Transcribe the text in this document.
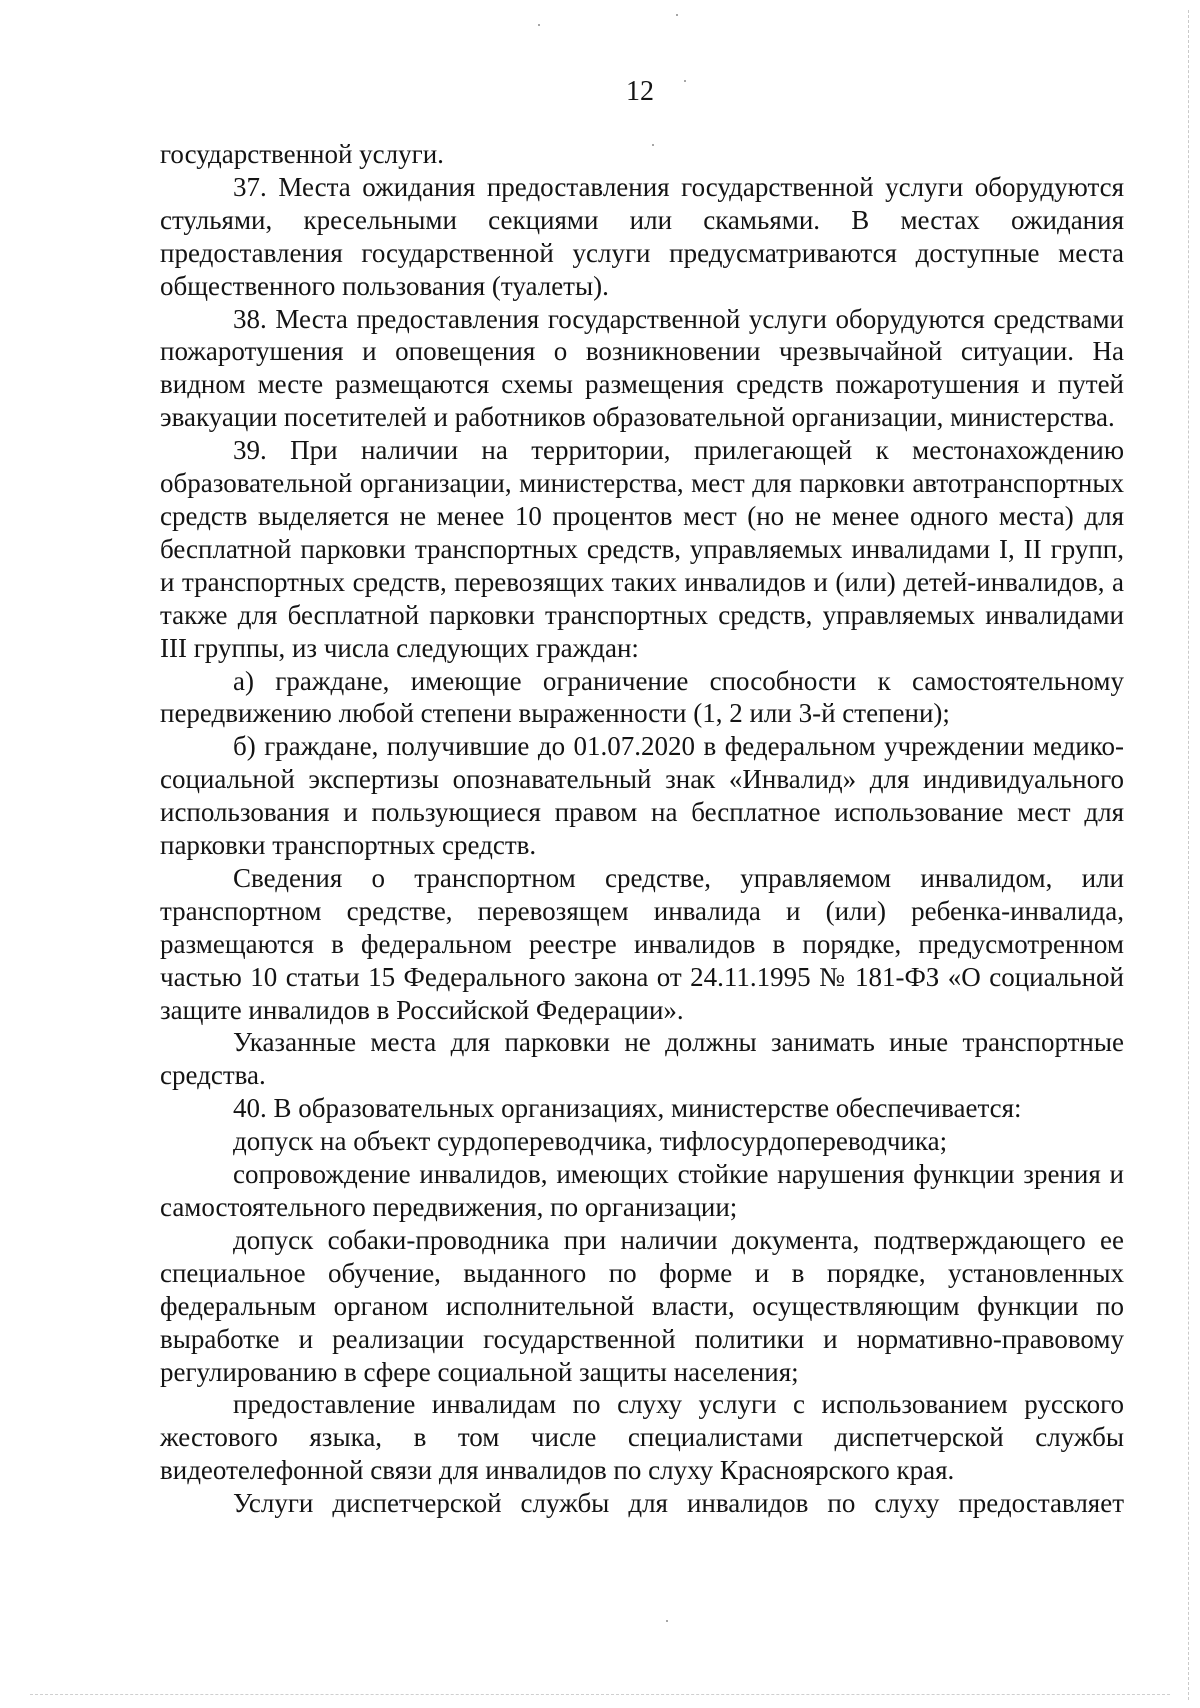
12

государственной услуги.

37. Места ожидания предоставления государственной услуги оборудуются стульями, кресельными секциями или скамьями. В местах ожидания предоставления государственной услуги предусматриваются доступные места общественного пользования (туалеты).

38. Места предоставления государственной услуги оборудуются средствами пожаротушения и оповещения о возникновении чрезвычайной ситуации. На видном месте размещаются схемы размещения средств пожаротушения и путей эвакуации посетителей и работников образовательной организации, министерства.

39. При наличии на территории, прилегающей к местонахождению образовательной организации, министерства, мест для парковки автотранспортных средств выделяется не менее 10 процентов мест (но не менее одного места) для бесплатной парковки транспортных средств, управляемых инвалидами I, II групп, и транспортных средств, перевозящих таких инвалидов и (или) детей-инвалидов, а также для бесплатной парковки транспортных средств, управляемых инвалидами III группы, из числа следующих граждан:

а) граждане, имеющие ограничение способности к самостоятельному передвижению любой степени выраженности (1, 2 или 3-й степени);

б) граждане, получившие до 01.07.2020 в федеральном учреждении медико-социальной экспертизы опознавательный знак «Инвалид» для индивидуального использования и пользующиеся правом на бесплатное использование мест для парковки транспортных средств.

Сведения о транспортном средстве, управляемом инвалидом, или транспортном средстве, перевозящем инвалида и (или) ребенка-инвалида, размещаются в федеральном реестре инвалидов в порядке, предусмотренном частью 10 статьи 15 Федерального закона от 24.11.1995 № 181-ФЗ «О социальной защите инвалидов в Российской Федерации».

Указанные места для парковки не должны занимать иные транспортные средства.

40. В образовательных организациях, министерстве обеспечивается:

допуск на объект сурдопереводчика, тифлосурдопереводчика;

сопровождение инвалидов, имеющих стойкие нарушения функции зрения и самостоятельного передвижения, по организации;

допуск собаки-проводника при наличии документа, подтверждающего ее специальное обучение, выданного по форме и в порядке, установленных федеральным органом исполнительной власти, осуществляющим функции по выработке и реализации государственной политики и нормативно-правовому регулированию в сфере социальной защиты населения;

предоставление инвалидам по слуху услуги с использованием русского жестового языка, в том числе специалистами диспетчерской службы видеотелефонной связи для инвалидов по слуху Красноярского края.

Услуги диспетчерской службы для инвалидов по слуху предоставляет
